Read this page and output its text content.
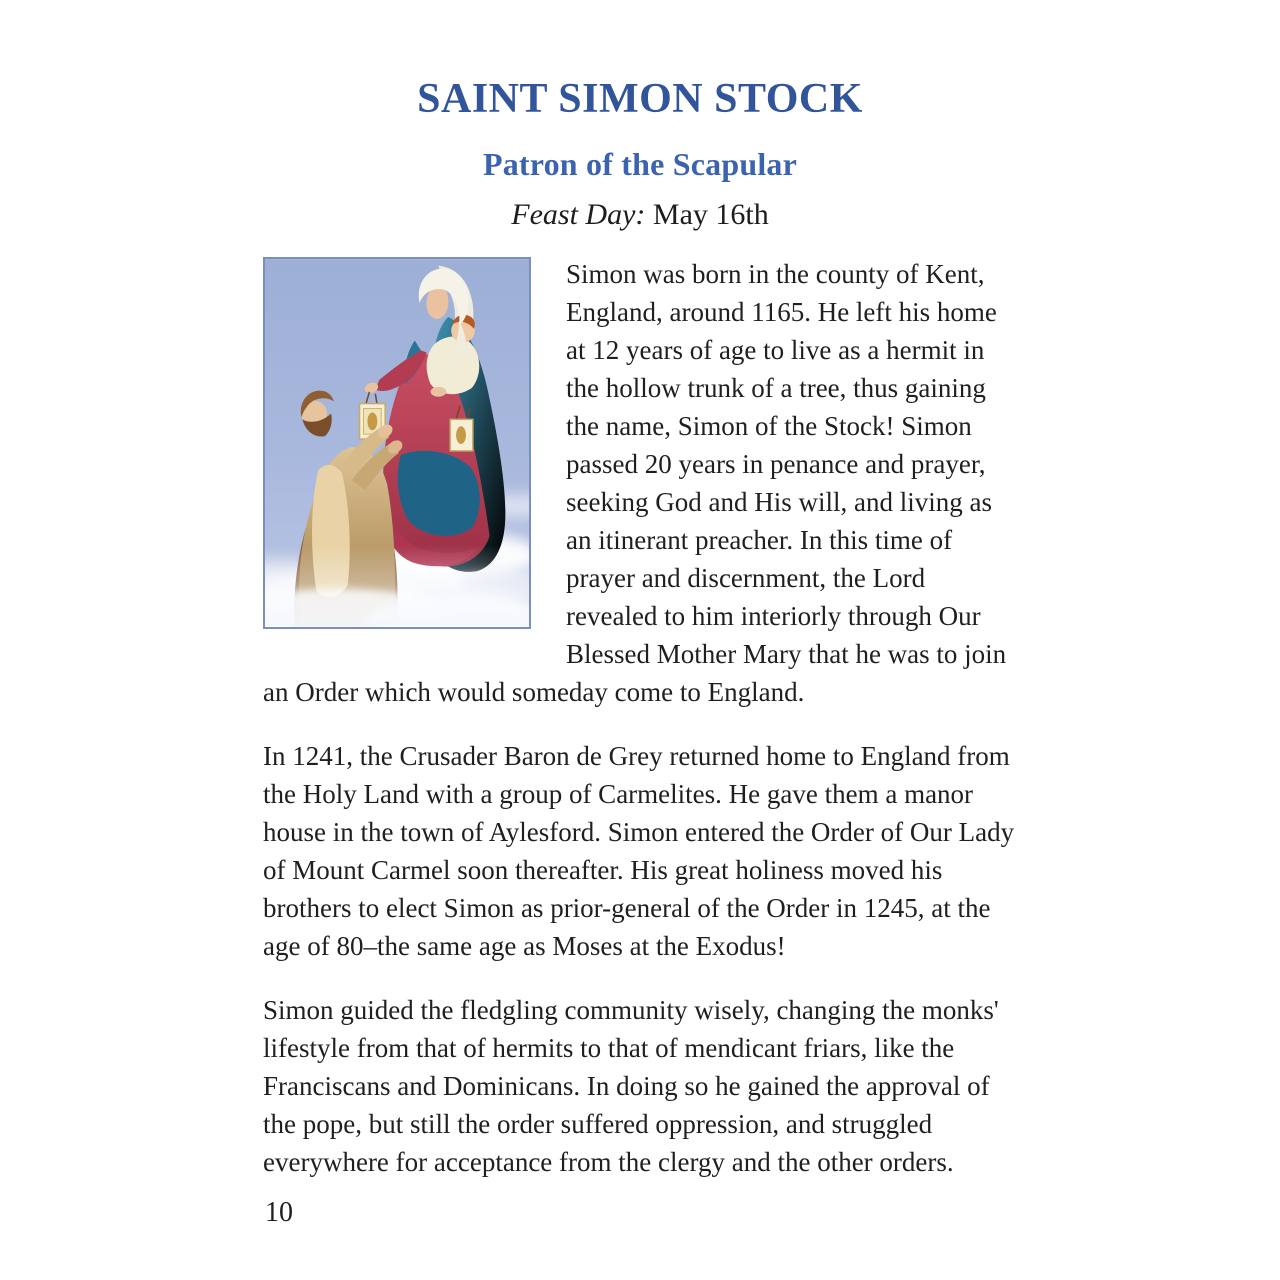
SAINT SIMON STOCK
Patron of the Scapular
Feast Day: May 16th
Simon was born in the county of Kent, England, around 1165. He left his home at 12 years of age to live as a hermit in the hollow trunk of a tree, thus gaining the name, Simon of the Stock! Simon passed 20 years in penance and prayer, seeking God and His will, and living as an itinerant preacher. In this time of prayer and discernment, the Lord revealed to him interiorly through Our Blessed Mother Mary that he was to join an Order which would someday come to England.
In 1241, the Crusader Baron de Grey returned home to England from the Holy Land with a group of Carmelites. He gave them a manor house in the town of Aylesford. Simon entered the Order of Our Lady of Mount Carmel soon thereafter. His great holiness moved his brothers to elect Simon as prior-general of the Order in 1245, at the age of 80–the same age as Moses at the Exodus!
Simon guided the fledgling community wisely, changing the monks' lifestyle from that of hermits to that of mendicant friars, like the Franciscans and Dominicans. In doing so he gained the approval of the pope, but still the order suffered oppression, and struggled everywhere for acceptance from the clergy and the other orders.
10
